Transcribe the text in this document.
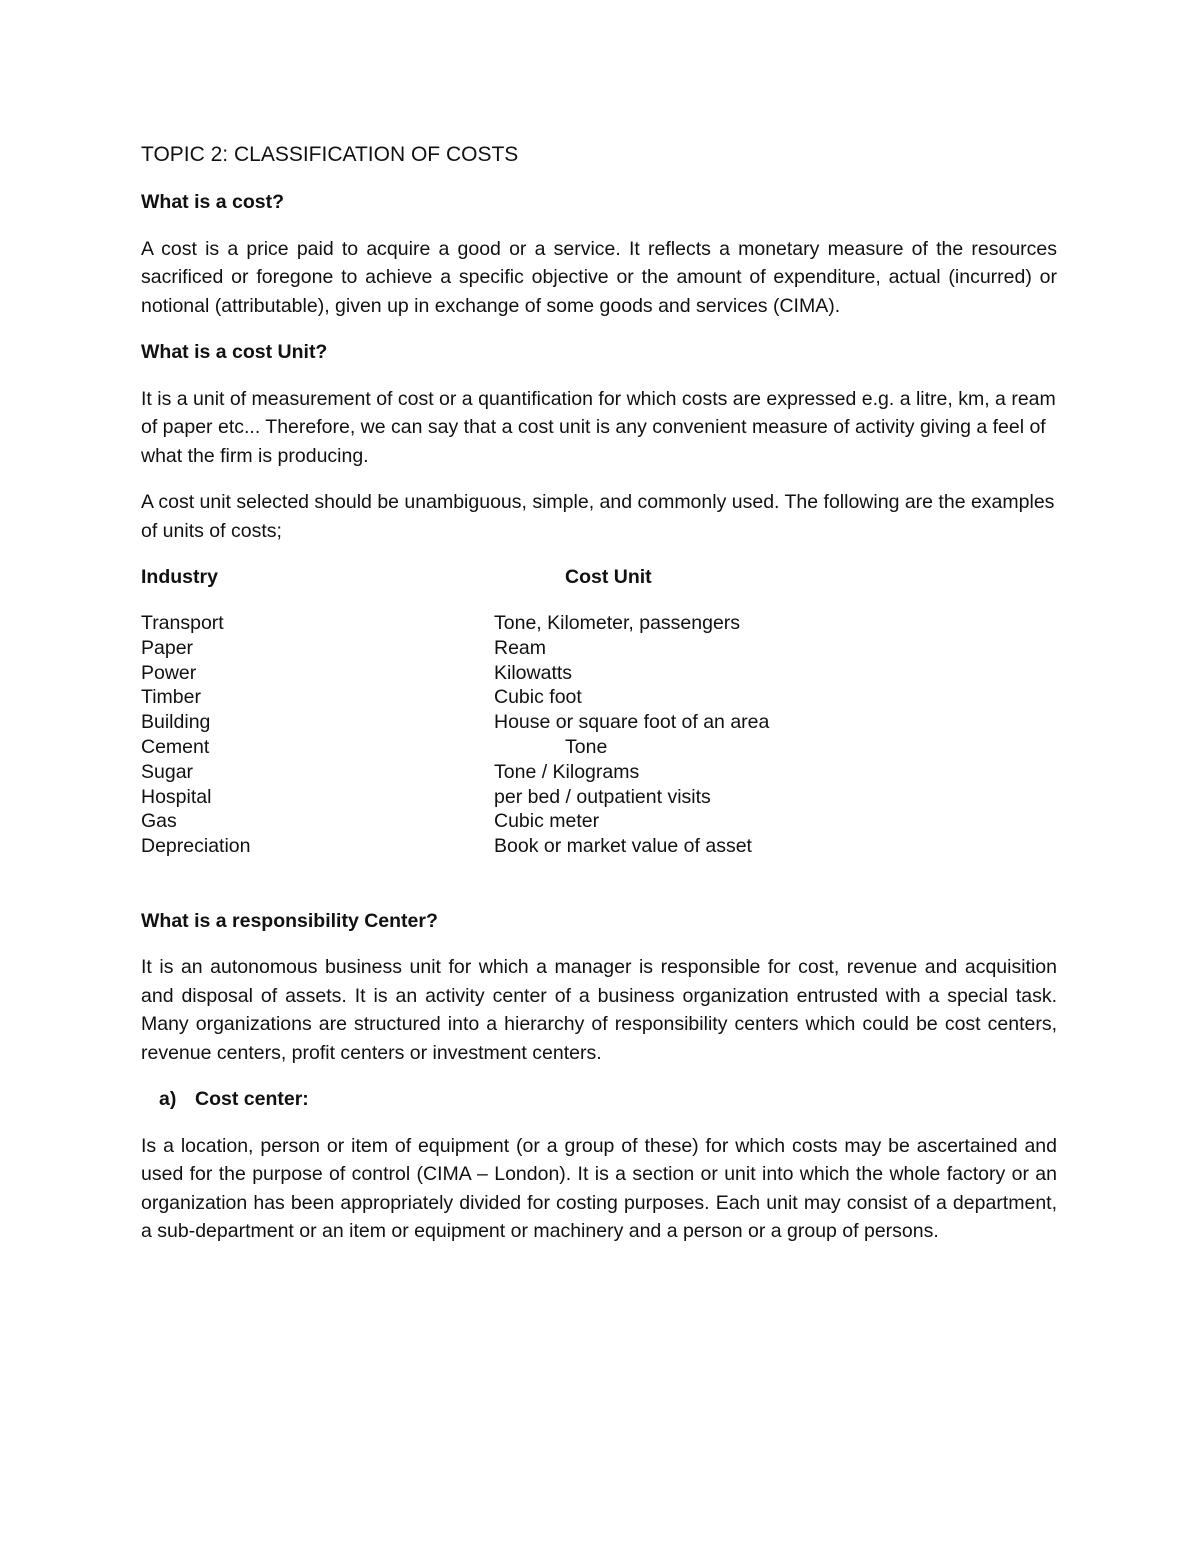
TOPIC 2: CLASSIFICATION OF COSTS
What is a cost?
A cost is a price paid to acquire a good or a service. It reflects a monetary measure of the resources sacrificed or foregone to achieve a specific objective or the amount of expenditure, actual (incurred) or notional (attributable), given up in exchange of some goods and services (CIMA).
What is a cost Unit?
It is a unit of measurement of cost or a quantification for which costs are expressed e.g. a litre, km, a ream of paper etc... Therefore, we can say that a cost unit is any convenient measure of activity giving a feel of what the firm is producing.
A cost unit selected should be unambiguous, simple, and commonly used. The following are the examples of units of costs;
Industry	Cost Unit
Transport	Tone, Kilometer, passengers
Paper	Ream
Power	Kilowatts
Timber	Cubic foot
Building	House or square foot of an area
Cement	Tone
Sugar	Tone / Kilograms
Hospital	per bed / outpatient visits
Gas	Cubic meter
Depreciation	Book or market value of asset
What is a responsibility Center?
It is an autonomous business unit for which a manager is responsible for cost, revenue and acquisition and disposal of assets. It is an activity center of a business organization entrusted with a special task. Many organizations are structured into a hierarchy of responsibility centers which could be cost centers, revenue centers, profit centers or investment centers.
a) Cost center:
Is a location, person or item of equipment (or a group of these) for which costs may be ascertained and used for the purpose of control (CIMA – London). It is a section or unit into which the whole factory or an organization has been appropriately divided for costing purposes. Each unit may consist of a department, a sub-department or an item or equipment or machinery and a person or a group of persons.
